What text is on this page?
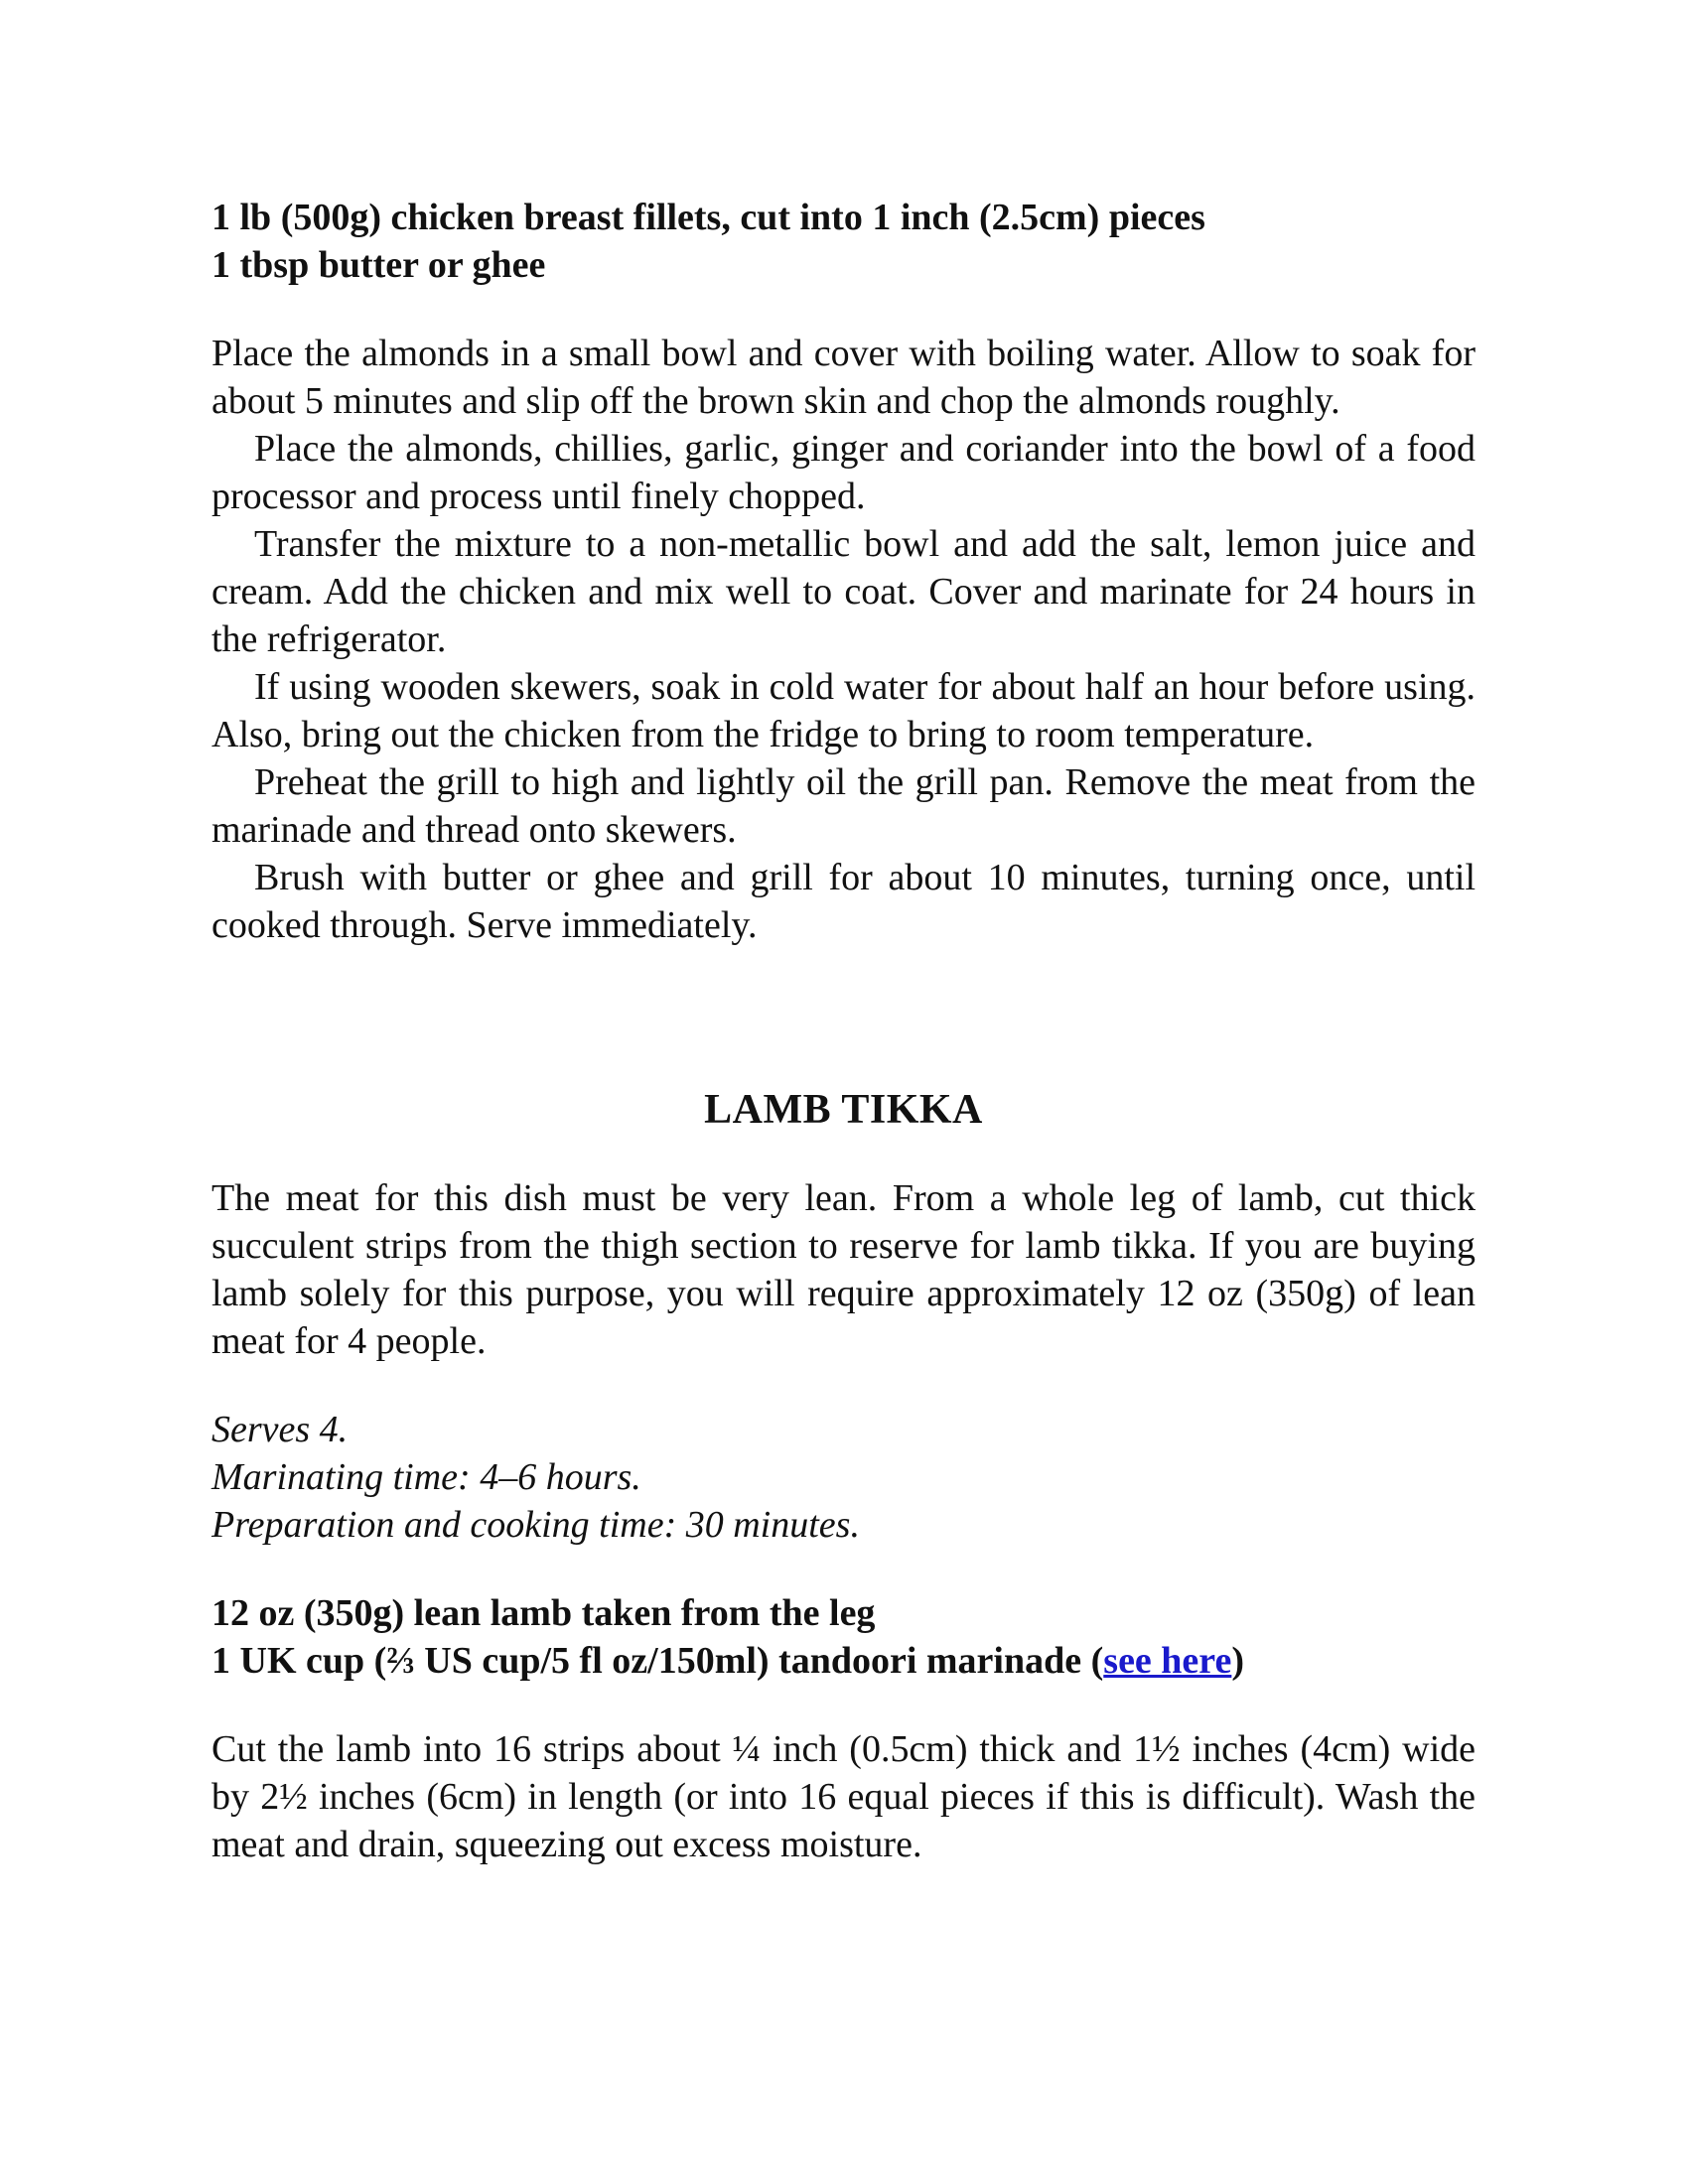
1 lb (500g) chicken breast fillets, cut into 1 inch (2.5cm) pieces

1 tbsp butter or ghee

Place the almonds in a small bowl and cover with boiling water. Allow to soak for about 5 minutes and slip off the brown skin and chop the almonds roughly.

Place the almonds, chillies, garlic, ginger and coriander into the bowl of a food processor and process until finely chopped.

Transfer the mixture to a non-metallic bowl and add the salt, lemon juice and cream. Add the chicken and mix well to coat. Cover and marinate for 24 hours in the refrigerator.

If using wooden skewers, soak in cold water for about half an hour before using. Also, bring out the chicken from the fridge to bring to room temperature.

Preheat the grill to high and lightly oil the grill pan. Remove the meat from the marinade and thread onto skewers.

Brush with butter or ghee and grill for about 10 minutes, turning once, until cooked through. Serve immediately.

LAMB TIKKA

The meat for this dish must be very lean. From a whole leg of lamb, cut thick succulent strips from the thigh section to reserve for lamb tikka. If you are buying lamb solely for this purpose, you will require approximately 12 oz (350g) of lean meat for 4 people.

Serves 4.

Marinating time: 4–6 hours.

Preparation and cooking time: 30 minutes.

12 oz (350g) lean lamb taken from the leg

1 UK cup (⅔ US cup/5 fl oz/150ml) tandoori marinade (see here)

Cut the lamb into 16 strips about ¼ inch (0.5cm) thick and 1½ inches (4cm) wide by 2½ inches (6cm) in length (or into 16 equal pieces if this is difficult). Wash the meat and drain, squeezing out excess moisture.
